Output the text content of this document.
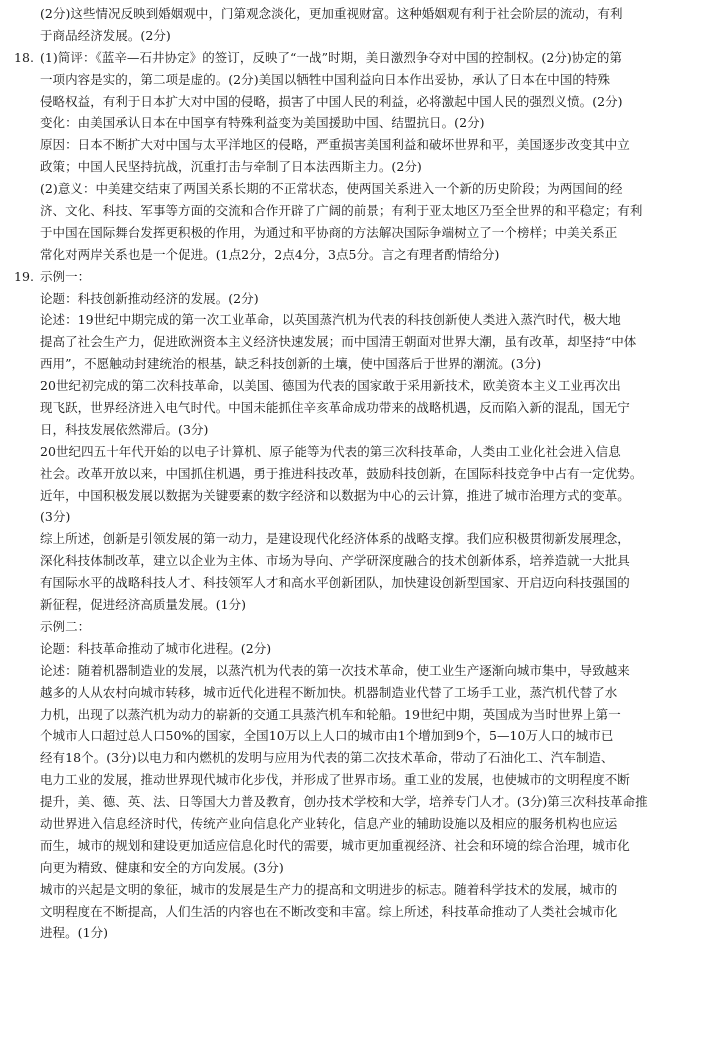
(2分)这些情况反映到婚姻观中，门第观念淡化，更加重视财富。这种婚姻观有利于社会阶层的流动，有利
于商品经济发展。(2分)
18. (1)简评：《蓝辛—石井协定》的签订，反映了“一战”时期，美日激烈争夺对中国的控制权。(2分)协定的第
一项内容是实的，第二项是虚的。(2分)美国以牺牲中国利益向日本作出妥协，承认了日本在中国的特殊
侵略权益，有利于日本扩大对中国的侵略，损害了中国人民的利益，必将激起中国人民的强烈义愤。(2分)
变化：由美国承认日本在中国享有特殊利益变为美国援助中国、结盟抗日。(2分)
原因：日本不断扩大对中国与太平洋地区的侵略，严重损害美国利益和破坏世界和平，美国逐步改变其中立
政策；中国人民坚持抗战，沉重打击与牵制了日本法西斯主力。(2分)
(2)意义：中美建交结束了两国关系长期的不正常状态，使两国关系进入一个新的历史阶段；为两国间的经
济、文化、科技、军事等方面的交流和合作开辟了广阔的前景；有利于亚太地区乃至全世界的和平稳定；有利
于中国在国际舞台发挥更积极的作用，为通过和平协商的方法解决国际争端树立了一个榜样；中美关系正
常化对两岸关系也是一个促进。(1点2分，2点4分，3点5分。言之有理者酌情给分)
19. 示例一：
论题：科技创新推动经济的发展。(2分)
论述：19世纪中期完成的第一次工业革命，以英国蒸汽机为代表的科技创新使人类进入蒸汽时代，极大地
提高了社会生产力，促进欧洲资本主义经济快速发展；而中国清王朝面对世界大潮，虽有改革，却坚持“中体
西用”，不愿触动封建统治的根基，缺乏科技创新的土壤，使中国落后于世界的潮流。(3分)
20世纪初完成的第二次科技革命，以美国、德国为代表的国家敢于采用新技术，欧美资本主义工业再次出
现飞跃，世界经济进入电气时代。中国未能抓住辛亥革命成功带来的战略机遇，反而陷入新的混乱，国无宁
日，科技发展依然滞后。(3分)
20世纪四五十年代开始的以电子计算机、原子能等为代表的第三次科技革命，人类由工业化社会进入信息
社会。改革开放以来，中国抓住机遇，勇于推进科技改革，鼓励科技创新，在国际科技竞争中占有一定优势。
近年，中国积极发展以数据为关键要素的数字经济和以数据为中心的云计算，推进了城市治理方式的变革。
(3分)
综上所述，创新是引领发展的第一动力，是建设现代化经济体系的战略支撑。我们应积极贯彻新发展理念，
深化科技体制改革，建立以企业为主体、市场为导向、产学研深度融合的技术创新体系，培养造就一大批具
有国际水平的战略科技人才、科技领军人才和高水平创新团队，加快建设创新型国家、开启迈向科技强国的
新征程，促进经济高质量发展。(1分)
示例二：
论题：科技革命推动了城市化进程。(2分)
论述：随着机器制造业的发展，以蒸汽机为代表的第一次技术革命，使工业生产逐渐向城市集中，导致越来
越多的人从农村向城市转移，城市近代化进程不断加快。机器制造业代替了工场手工业，蒸汽机代替了水
力机，出现了以蒸汽机为动力的崭新的交通工具蒸汽机车和轮船。19世纪中期，英国成为当时世界上第一
个城市人口超过总人口50%的国家，全国10万以上人口的城市由1个增加到9个，5—10万人口的城市已
经有18个。(3分)以电力和内燃机的发明与应用为代表的第二次技术革命，带动了石油化工、汽车制造、
电力工业的发展，推动世界现代城市化步伐，并形成了世界市场。重工业的发展，也使城市的文明程度不断
提升，美、德、英、法、日等国大力普及教育，创办技术学校和大学，培养专门人才。(3分)第三次科技革命推
动世界进入信息经济时代，传统产业向信息化产业转化，信息产业的辅助设施以及相应的服务机构也应运
而生，城市的规划和建设更加适应信息化时代的需要，城市更加重视经济、社会和环境的综合治理，城市化
向更为精致、健康和安全的方向发展。(3分)
城市的兴起是文明的象征，城市的发展是生产力的提高和文明进步的标志。随着科学技术的发展，城市的
文明程度在不断提高，人们生活的内容也在不断改变和丰富。综上所述，科技革命推动了人类社会城市化
进程。(1分)
